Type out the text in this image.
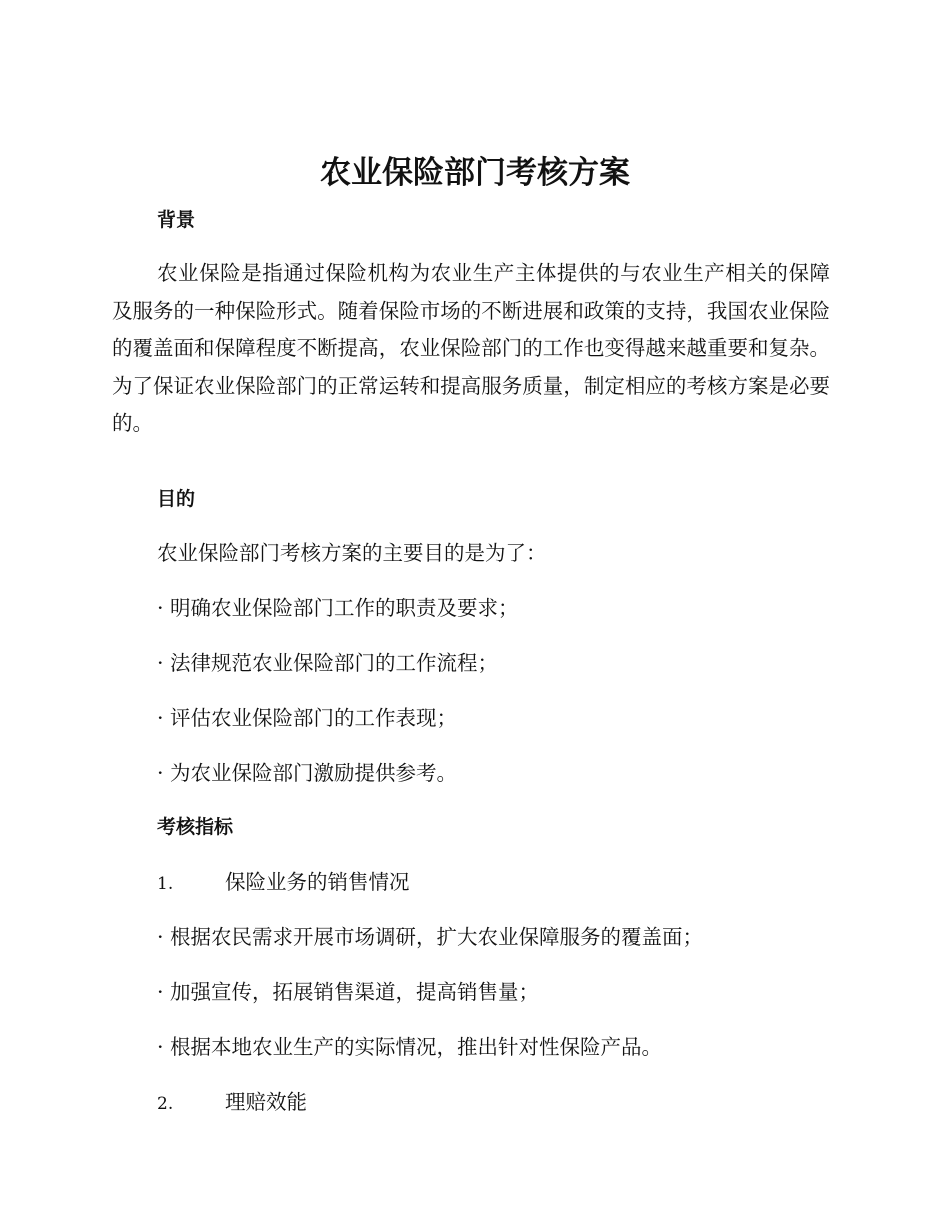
农业保险部门考核方案
背景

农业保险是指通过保险机构为农业生产主体提供的与农业生产相关的保障及服务的一种保险形式。随着保险市场的不断进展和政策的支持，我国农业保险的覆盖面和保障程度不断提高，农业保险部门的工作也变得越来越重要和复杂。为了保证农业保险部门的正常运转和提高服务质量，制定相应的考核方案是必要的。

目的

农业保险部门考核方案的主要目的是为了：

· 明确农业保险部门工作的职责及要求；

· 法律规范农业保险部门的工作流程；

· 评估农业保险部门的工作表现；

· 为农业保险部门激励提供参考。

考核指标

1.	保险业务的销售情况

· 根据农民需求开展市场调研，扩大农业保障服务的覆盖面；

· 加强宣传，拓展销售渠道，提高销售量；

· 根据本地农业生产的实际情况，推出针对性保险产品。

2.	理赔效能
